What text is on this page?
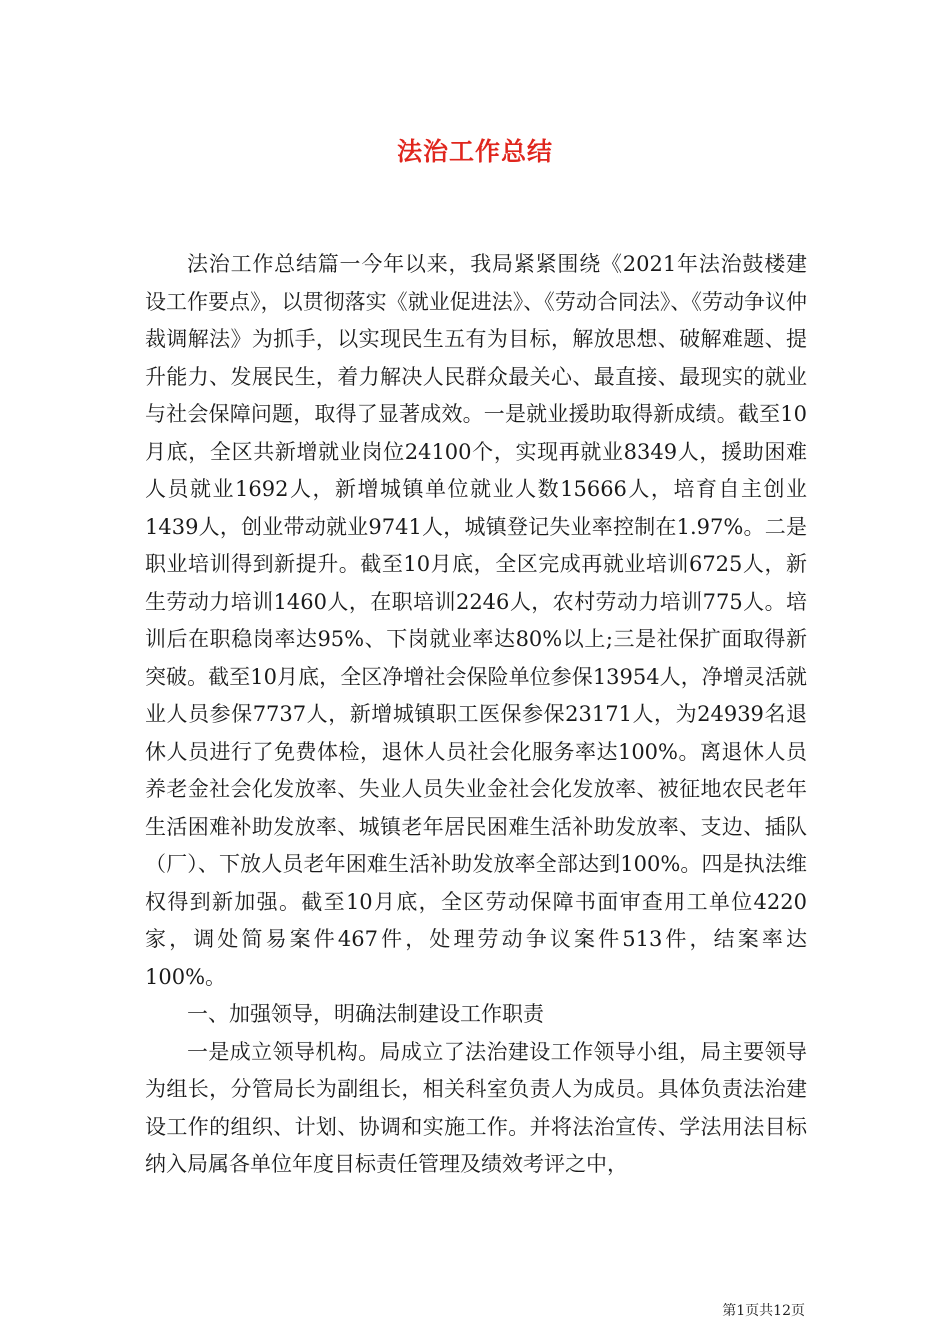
法治工作总结

法治工作总结篇一今年以来，我局紧紧围绕《2021年法治鼓楼建设工作要点》，以贯彻落实《就业促进法》、《劳动合同法》、《劳动争议仲裁调解法》为抓手，以实现民生五有为目标，解放思想、破解难题、提升能力、发展民生，着力解决人民群众最关心、最直接、最现实的就业与社会保障问题，取得了显著成效。一是就业援助取得新成绩。截至10月底，全区共新增就业岗位24100个，实现再就业8349人，援助困难人员就业1692人，新增城镇单位就业人数15666人，培育自主创业1439人，创业带动就业9741人，城镇登记失业率控制在1.97%。二是职业培训得到新提升。截至10月底，全区完成再就业培训6725人，新生劳动力培训1460人，在职培训2246人，农村劳动力培训775人。培训后在职稳岗率达95%、下岗就业率达80%以上;三是社保扩面取得新突破。截至10月底，全区净增社会保险单位参保13954人，净增灵活就业人员参保7737人，新增城镇职工医保参保23171人，为24939名退休人员进行了免费体检，退休人员社会化服务率达100%。离退休人员养老金社会化发放率、失业人员失业金社会化发放率、被征地农民老年生活困难补助发放率、城镇老年居民困难生活补助发放率、支边、插队（厂）、下放人员老年困难生活补助发放率全部达到100%。四是执法维权得到新加强。截至10月底，全区劳动保障书面审查用工单位4220家，调处简易案件467件，处理劳动争议案件513件，结案率达100%。

一、加强领导，明确法制建设工作职责

一是成立领导机构。局成立了法治建设工作领导小组，局主要领导为组长，分管局长为副组长，相关科室负责人为成员。具体负责法治建设工作的组织、计划、协调和实施工作。并将法治宣传、学法用法目标纳入局属各单位年度目标责任管理及绩效考评之中，

第1页共12页
